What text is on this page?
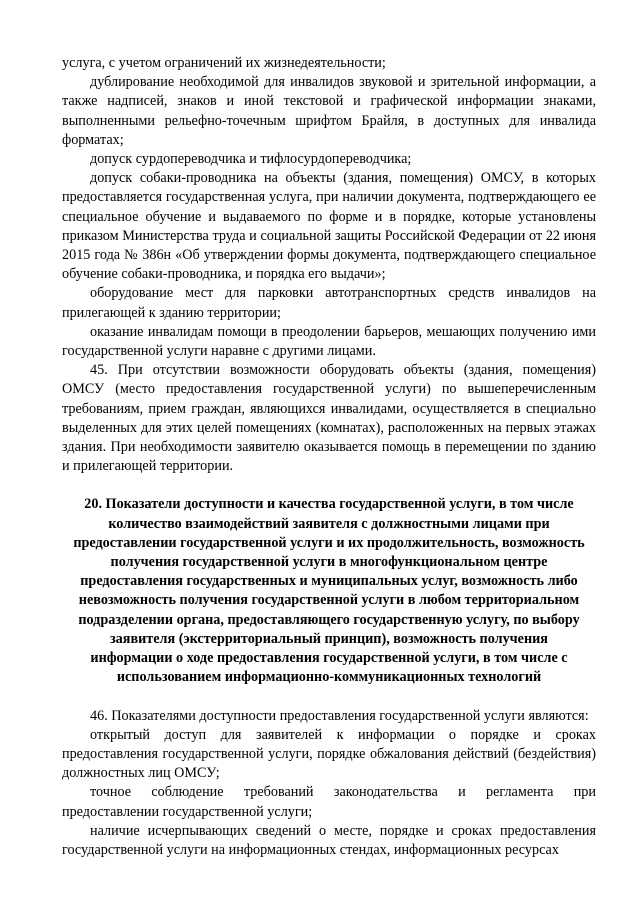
услуга, с учетом ограничений их жизнедеятельности;

дублирование необходимой для инвалидов звуковой и зрительной информации, а также надписей, знаков и иной текстовой и графической информации знаками, выполненными рельефно-точечным шрифтом Брайля, в доступных для инвалида форматах;

допуск сурдопереводчика и тифлосурдопереводчика;

допуск собаки-проводника на объекты (здания, помещения) ОМСУ, в которых предоставляется государственная услуга, при наличии документа, подтверждающего ее специальное обучение и выдаваемого по форме и в порядке, которые установлены приказом Министерства труда и социальной защиты Российской Федерации от 22 июня 2015 года № 386н «Об утверждении формы документа, подтверждающего специальное обучение собаки-проводника, и порядка его выдачи»;

оборудование мест для парковки автотранспортных средств инвалидов на прилегающей к зданию территории;

оказание инвалидам помощи в преодолении барьеров, мешающих получению ими государственной услуги наравне с другими лицами.

45. При отсутствии возможности оборудовать объекты (здания, помещения) ОМСУ (место предоставления государственной услуги) по вышеперечисленным требованиям, прием граждан, являющихся инвалидами, осуществляется в специально выделенных для этих целей помещениях (комнатах), расположенных на первых этажах здания. При необходимости заявителю оказывается помощь в перемещении по зданию и прилегающей территории.

20. Показатели доступности и качества государственной услуги, в том числе количество взаимодействий заявителя с должностными лицами при предоставлении государственной услуги и их продолжительность, возможность получения государственной услуги в многофункциональном центре предоставления государственных и муниципальных услуг, возможность либо невозможность получения государственной услуги в любом территориальном подразделении органа, предоставляющего государственную услугу, по выбору заявителя (экстерриториальный принцип), возможность получения информации о ходе предоставления государственной услуги, в том числе с использованием информационно-коммуникационных технологий

46. Показателями доступности предоставления государственной услуги являются:

открытый доступ для заявителей к информации о порядке и сроках предоставления государственной услуги, порядке обжалования действий (бездействия) должностных лиц ОМСУ;

точное соблюдение требований законодательства и регламента при предоставлении государственной услуги;

наличие исчерпывающих сведений о месте, порядке и сроках предоставления государственной услуги на информационных стендах, информационных ресурсах
